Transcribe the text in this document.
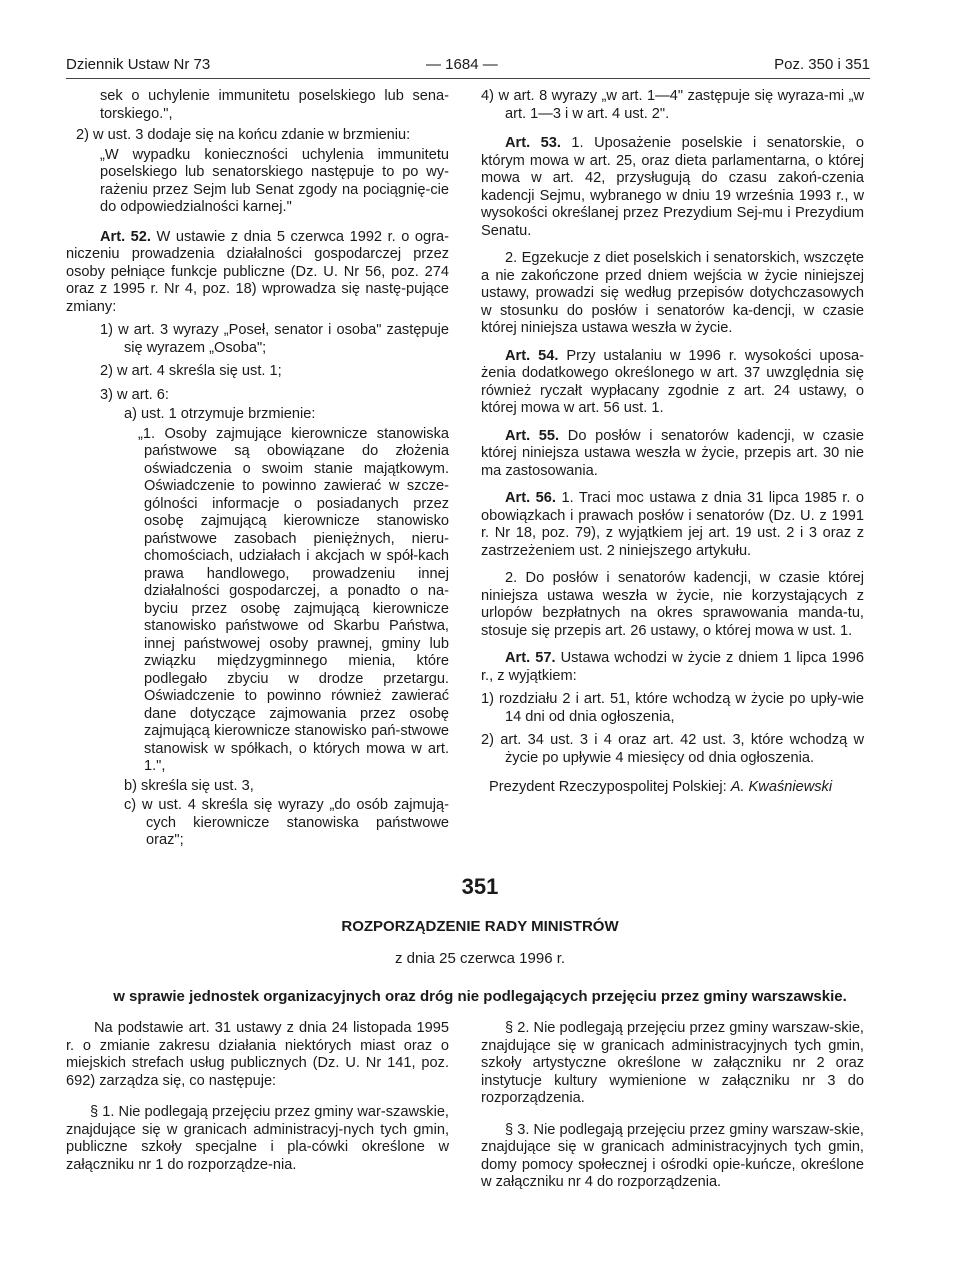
Dziennik Ustaw Nr 73	— 1684 —	Poz. 350 i 351

sek o uchylenie immunitetu poselskiego lub sena-torskiego.",

2) w ust. 3 dodaje się na końcu zdanie w brzmieniu:

„W wypadku konieczności uchylenia immunitetu poselskiego lub senatorskiego następuje to po wy-rażeniu przez Sejm lub Senat zgody na pociągnię-cie do odpowiedzialności karnej."

Art. 52. W ustawie z dnia 5 czerwca 1992 r. o ogra-niczeniu prowadzenia działalności gospodarczej przez osoby pełniące funkcje publiczne (Dz. U. Nr 56, poz. 274 oraz z 1995 r. Nr 4, poz. 18) wprowadza się nastę-pujące zmiany:

1) w art. 3 wyrazy „Poseł, senator i osoba" zastępuje się wyrazem „Osoba";

2) w art. 4 skreśla się ust. 1;

3) w art. 6:

a) ust. 1 otrzymuje brzmienie:

„1. Osoby zajmujące kierownicze stanowiska państwowe są obowiązane do złożenia oświadczenia o swoim stanie majątkowym. Oświadczenie to powinno zawierać w szcze-gólności informacje o posiadanych przez osobę zajmującą kierownicze stanowisko państwowe zasobach pieniężnych, nieru-chomościach, udziałach i akcjach w spół-kach prawa handlowego, prowadzeniu innej działalności gospodarczej, a ponadto o na-byciu przez osobę zajmującą kierownicze stanowisko państwowe od Skarbu Państwa, innej państwowej osoby prawnej, gminy lub związku międzygminnego mienia, które podlegało zbyciu w drodze przetargu. Oświadczenie to powinno również zawierać dane dotyczące zajmowania przez osobę zajmującą kierownicze stanowisko pań-stwowe stanowisk w spółkach, o których mowa w art. 1.",

b) skreśla się ust. 3,

c) w ust. 4 skreśla się wyrazy „do osób zajmują-cych kierownicze stanowiska państwowe oraz";

4) w art. 8 wyrazy „w art. 1—4" zastępuje się wyraza-mi „w art. 1—3 i w art. 4 ust. 2".

Art. 53. 1. Uposażenie poselskie i senatorskie, o którym mowa w art. 25, oraz dieta parlamentarna, o której mowa w art. 42, przysługują do czasu zakoń-czenia kadencji Sejmu, wybranego w dniu 19 września 1993 r., w wysokości określanej przez Prezydium Sej-mu i Prezydium Senatu.

2. Egzekucje z diet poselskich i senatorskich, wszczęte a nie zakończone przed dniem wejścia w życie niniejszej ustawy, prowadzi się według przepisów dotychczasowych w stosunku do posłów i senatorów ka-dencji, w czasie której niniejsza ustawa weszła w życie.

Art. 54. Przy ustalaniu w 1996 r. wysokości uposa-żenia dodatkowego określonego w art. 37 uwzględnia się również ryczałt wypłacany zgodnie z art. 24 ustawy, o której mowa w art. 56 ust. 1.

Art. 55. Do posłów i senatorów kadencji, w czasie której niniejsza ustawa weszła w życie, przepis art. 30 nie ma zastosowania.

Art. 56. 1. Traci moc ustawa z dnia 31 lipca 1985 r. o obowiązkach i prawach posłów i senatorów (Dz. U. z 1991 r. Nr 18, poz. 79), z wyjątkiem jej art. 19 ust. 2 i 3 oraz z zastrzeżeniem ust. 2 niniejszego artykułu.

2. Do posłów i senatorów kadencji, w czasie której niniejsza ustawa weszła w życie, nie korzystających z urlopów bezpłatnych na okres sprawowania manda-tu, stosuje się przepis art. 26 ustawy, o której mowa w ust. 1.

Art. 57. Ustawa wchodzi w życie z dniem 1 lipca 1996 r., z wyjątkiem:

1) rozdziału 2 i art. 51, które wchodzą w życie po upły-wie 14 dni od dnia ogłoszenia,

2) art. 34 ust. 3 i 4 oraz art. 42 ust. 3, które wchodzą w życie po upływie 4 miesięcy od dnia ogłoszenia.

Prezydent Rzeczypospolitej Polskiej: A. Kwaśniewski

351
ROZPORZĄDZENIE RADY MINISTRÓW
z dnia 25 czerwca 1996 r.
w sprawie jednostek organizacyjnych oraz dróg nie podlegających przejęciu przez gminy warszawskie.

Na podstawie art. 31 ustawy z dnia 24 listopada 1995 r. o zmianie zakresu działania niektórych miast oraz o miejskich strefach usług publicznych (Dz. U. Nr 141, poz. 692) zarządza się, co następuje:

§ 1. Nie podlegają przejęciu przez gminy war-szawskie, znajdujące się w granicach administracyj-nych tych gmin, publiczne szkoły specjalne i pla-cówki określone w załączniku nr 1 do rozporządze-nia.

§ 2. Nie podlegają przejęciu przez gminy warszaw-skie, znajdujące się w granicach administracyjnych tych gmin, szkoły artystyczne określone w załączniku nr 2 oraz instytucje kultury wymienione w załączniku nr 3 do rozporządzenia.

§ 3. Nie podlegają przejęciu przez gminy warszaw-skie, znajdujące się w granicach administracyjnych tych gmin, domy pomocy społecznej i ośrodki opie-kuńcze, określone w załączniku nr 4 do rozporządzenia.
